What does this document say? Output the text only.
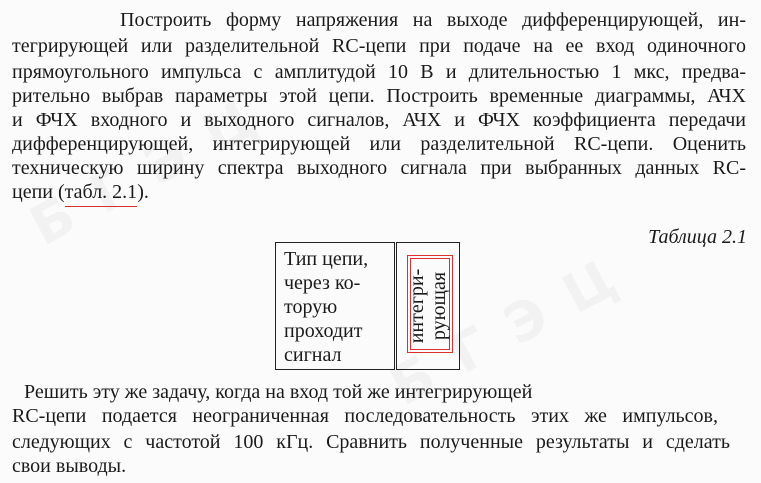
Построить форму напряжения на выходе дифференцирующей, ин-
тегрирующей или разделительной RC-цепи при подаче на ее вход одиночного
прямоугольного импульса с амплитудой 10 В и длительностью 1 мкс, предва-
рительно выбрав параметры этой цепи. Построить временные диаграммы, АЧХ
и ФЧХ входного и выходного сигналов, АЧХ и ФЧХ коэффициента передачи
дифференцирующей, интегрирующей или разделительной RC-цепи. Оценить
техническую ширину спектра выходного сигнала при выбранных данных RC-
цепи (табл. 2.1).
Таблица 2.1
Тип цепи,
через ко-
торую
проходит
сигнал
интегри- рующая
Решить эту же задачу, когда на вход той же интегрирующей
RC-цепи подается неограниченная последовательность этих же импульсов,
следующих с частотой 100 кГц. Сравнить полученные результаты и сделать
свои выводы.
